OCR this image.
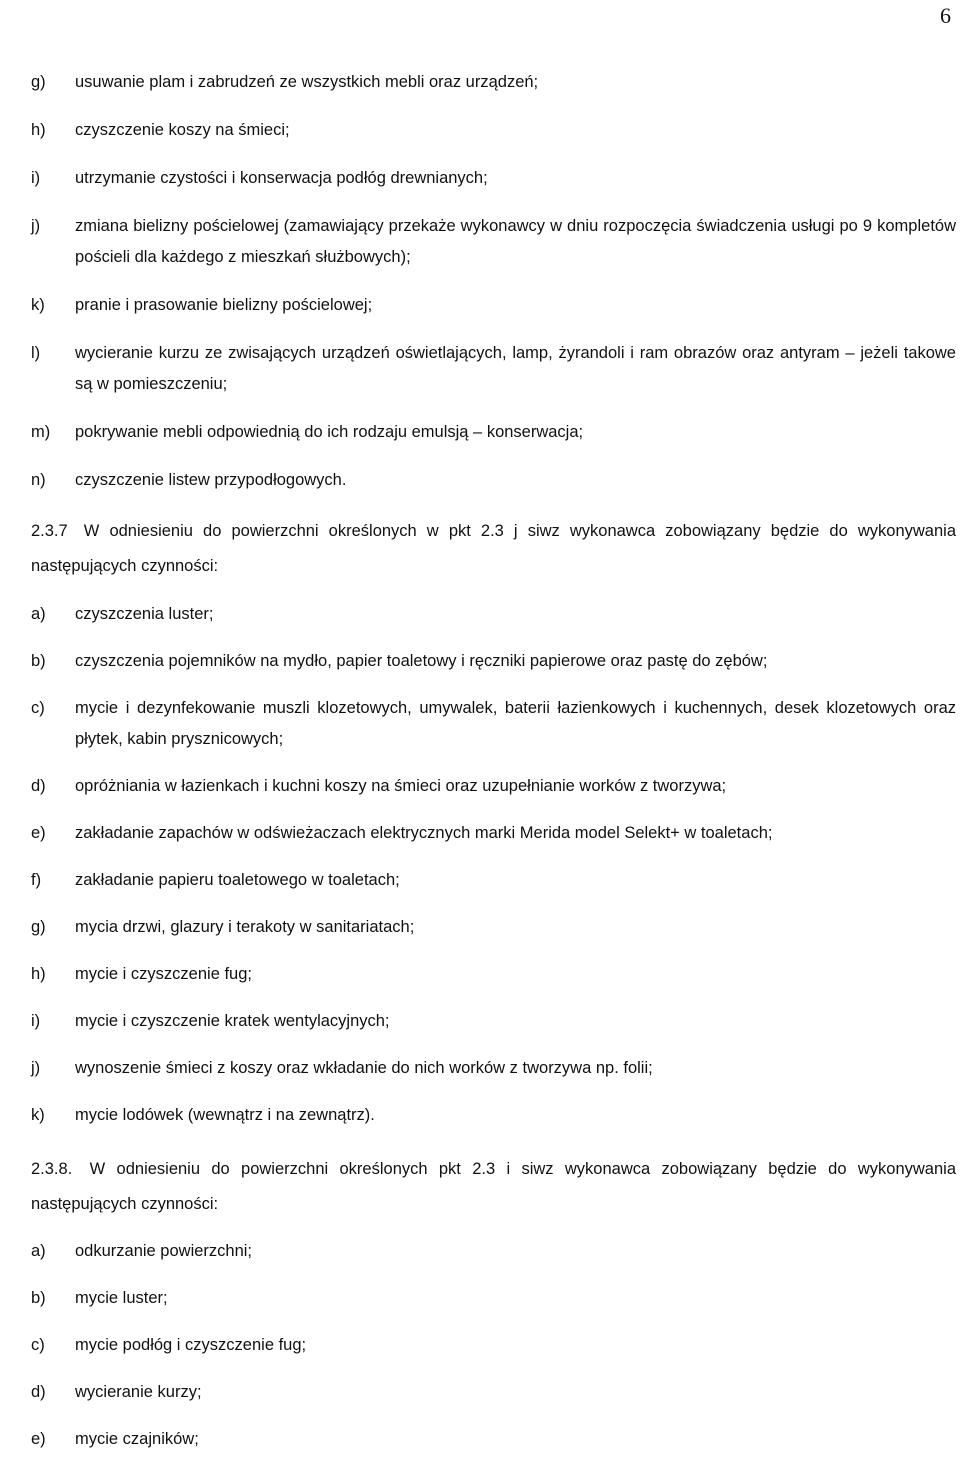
6
g)	usuwanie plam i zabrudzeń ze wszystkich mebli oraz urządzeń;
h)	czyszczenie koszy na śmieci;
i)	utrzymanie czystości i konserwacja podłóg drewnianych;
j)	zmiana bielizny pościelowej (zamawiający przekaże wykonawcy w dniu rozpoczęcia świadczenia usługi po 9 kompletów pościeli dla każdego z mieszkań służbowych);
k)	pranie i prasowanie bielizny pościelowej;
l)	wycieranie kurzu ze zwisających urządzeń oświetlających, lamp, żyrandoli i ram obrazów oraz antyram – jeżeli takowe są w pomieszczeniu;
m)	pokrywanie mebli odpowiednią do ich rodzaju emulsją – konserwacja;
n)	czyszczenie listew przypodłogowych.

2.3.7 W odniesieniu do powierzchni określonych w pkt 2.3 j siwz wykonawca zobowiązany będzie do wykonywania następujących czynności:

a)	czyszczenia luster;
b)	czyszczenia pojemników na mydło, papier toaletowy i ręczniki papierowe oraz pastę do zębów;
c)	mycie i dezynfekowanie muszli klozetowych, umywalek, baterii łazienkowych i kuchennych, desek klozetowych oraz płytek, kabin prysznicowych;
d)	opróżniania w łazienkach i kuchni koszy na śmieci oraz uzupełnianie worków z tworzywa;
e)	zakładanie zapachów w odświeżaczach elektrycznych marki Merida model Selekt+ w toaletach;
f)	zakładanie papieru toaletowego w toaletach;
g)	mycia drzwi, glazury i terakoty w sanitariatach;
h)	mycie i czyszczenie fug;
i)	mycie i czyszczenie kratek wentylacyjnych;
j)	wynoszenie śmieci z koszy oraz wkładanie do nich worków z tworzywa np. folii;
k)	mycie lodówek (wewnątrz i na zewnątrz).

2.3.8. W odniesieniu do powierzchni określonych pkt 2.3 i siwz wykonawca zobowiązany będzie do wykonywania następujących czynności:

a)	odkurzanie powierzchni;
b)	mycie luster;
c)	mycie podłóg i czyszczenie fug;
d)	wycieranie kurzy;
e)	mycie czajników;
